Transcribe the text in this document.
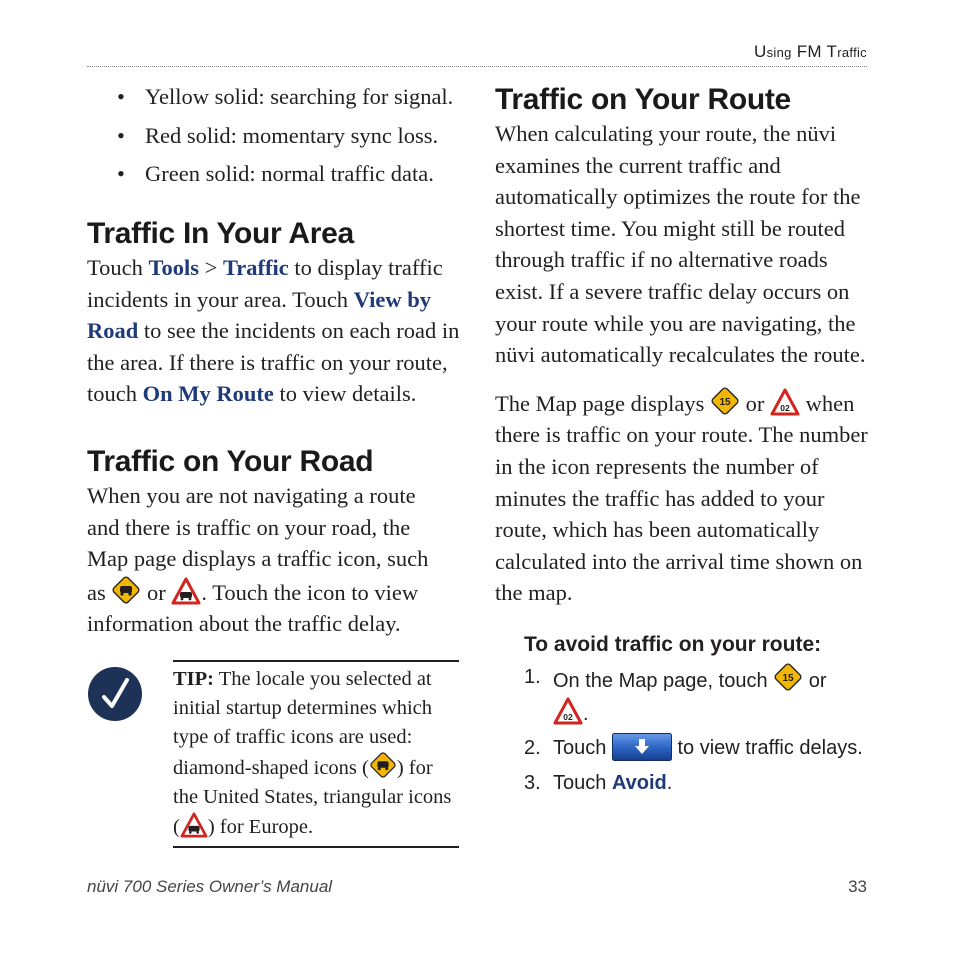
Using FM Traffic
• Yellow solid: searching for signal.
• Red solid: momentary sync loss.
• Green solid: normal traffic data.
Traffic In Your Area

Touch Tools > Traffic to display traffic incidents in your area. Touch View by Road to see the incidents on each road in the area. If there is traffic on your route, touch On My Route to view details.

Traffic on Your Road

When you are not navigating a route and there is traffic on your road, the Map page displays a traffic icon, such as  or . Touch the icon to view information about the traffic delay.

TIP: The locale you selected at initial startup determines which type of traffic icons are used: diamond-shaped icons ( ) for the United States, triangular icons ( ) for Europe.
Traffic on Your Route

When calculating your route, the nüvi examines the current traffic and automatically optimizes the route for the shortest time. You might still be routed through traffic if no alternative roads exist. If a severe traffic delay occurs on your route while you are navigating, the nüvi automatically recalculates the route.

The Map page displays 15 or 02 when there is traffic on your route. The number in the icon represents the number of minutes the traffic has added to your route, which has been automatically calculated into the arrival time shown on the map.

To avoid traffic on your route:
1. On the Map page, touch 15 or

02 .
2. Touch	to view traffic delays.
3. Touch Avoid.
nüvi 700 Series Owner’s Manual	33
